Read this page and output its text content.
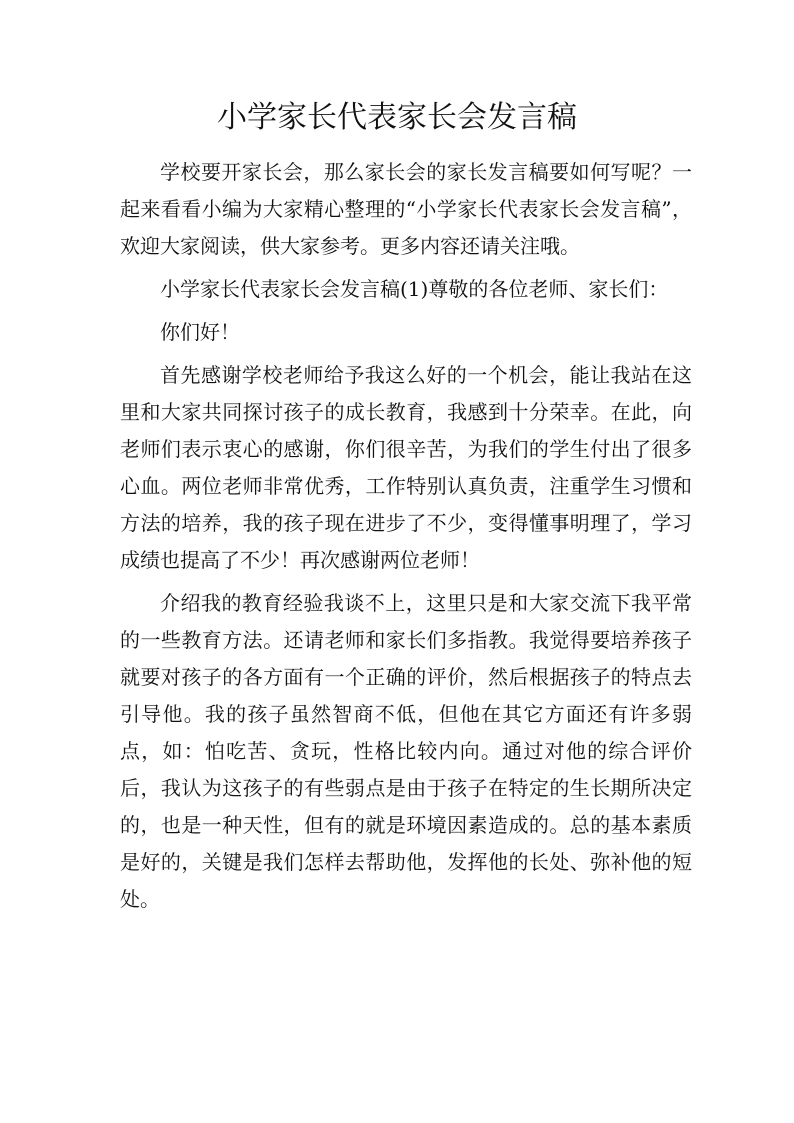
小学家长代表家长会发言稿

学校要开家长会，那么家长会的家长发言稿要如何写呢？一起来看看小编为大家精心整理的“小学家长代表家长会发言稿”，欢迎大家阅读，供大家参考。更多内容还请关注哦。

小学家长代表家长会发言稿(1)尊敬的各位老师、家长们：

你们好！

首先感谢学校老师给予我这么好的一个机会，能让我站在这里和大家共同探讨孩子的成长教育，我感到十分荣幸。在此，向老师们表示衷心的感谢，你们很辛苦，为我们的学生付出了很多心血。两位老师非常优秀，工作特别认真负责，注重学生习惯和方法的培养，我的孩子现在进步了不少，变得懂事明理了，学习成绩也提高了不少！再次感谢两位老师！

介绍我的教育经验我谈不上，这里只是和大家交流下我平常的一些教育方法。还请老师和家长们多指教。我觉得要培养孩子就要对孩子的各方面有一个正确的评价，然后根据孩子的特点去引导他。我的孩子虽然智商不低，但他在其它方面还有许多弱点，如：怕吃苦、贪玩，性格比较内向。通过对他的综合评价后，我认为这孩子的有些弱点是由于孩子在特定的生长期所决定的，也是一种天性，但有的就是环境因素造成的。总的基本素质是好的，关键是我们怎样去帮助他，发挥他的长处、弥补他的短处。
